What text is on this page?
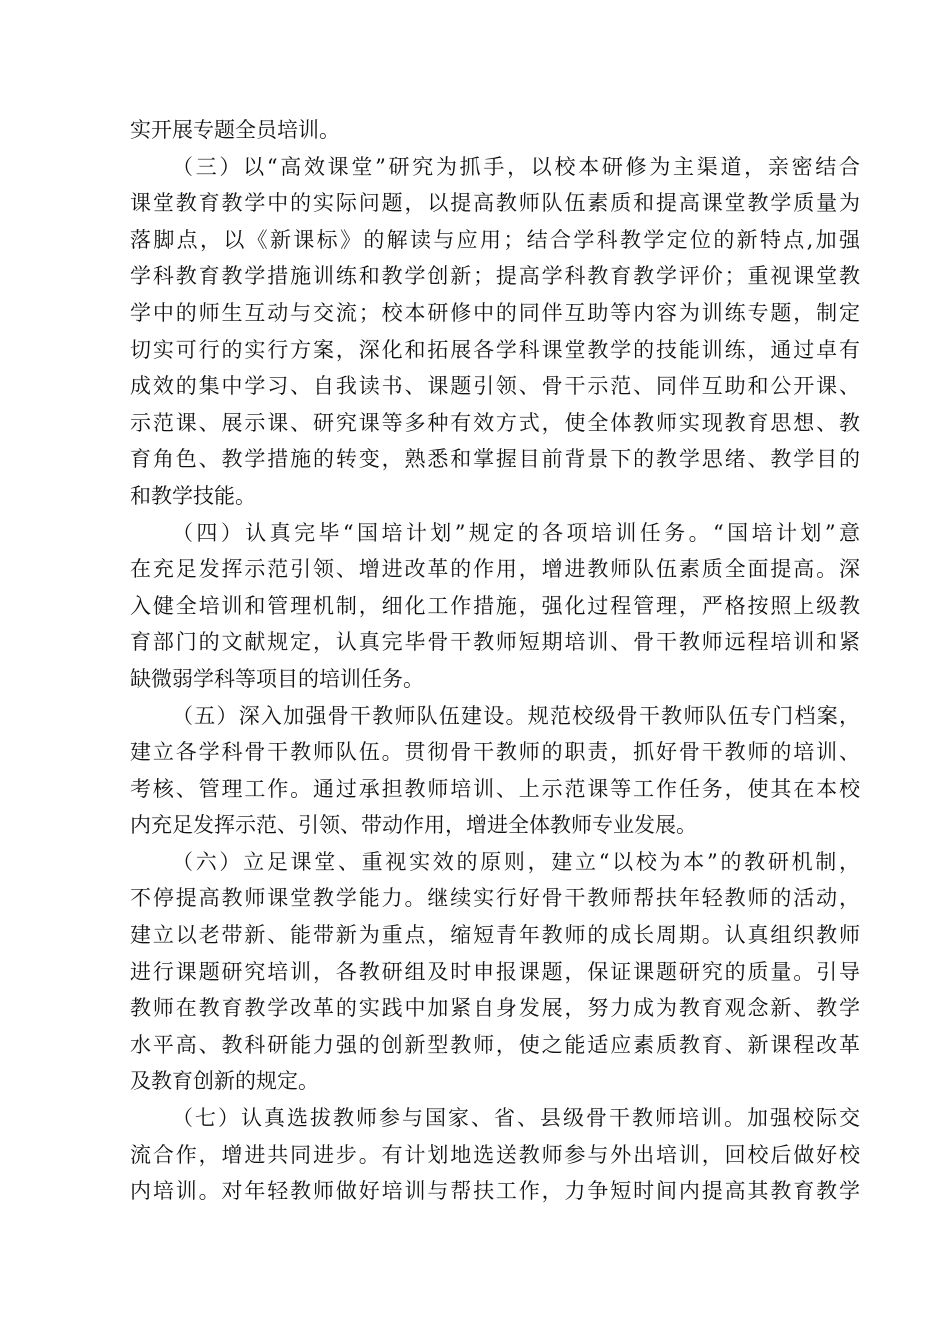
实开展专题全员培训。
（三）以“高效课堂”研究为抓手，以校本研修为主渠道，亲密结合
课堂教育教学中的实际问题，以提高教师队伍素质和提高课堂教学质量为
落脚点，以《新课标》的解读与应用；结合学科教学定位的新特点,加强
学科教育教学措施训练和教学创新；提高学科教育教学评价；重视课堂教
学中的师生互动与交流；校本研修中的同伴互助等内容为训练专题，制定
切实可行的实行方案，深化和拓展各学科课堂教学的技能训练，通过卓有
成效的集中学习、自我读书、课题引领、骨干示范、同伴互助和公开课、
示范课、展示课、研究课等多种有效方式，使全体教师实现教育思想、教
育角色、教学措施的转变，熟悉和掌握目前背景下的教学思绪、教学目的
和教学技能。
（四）认真完毕“国培计划”规定的各项培训任务。“国培计划”意
在充足发挥示范引领、增进改革的作用，增进教师队伍素质全面提高。深
入健全培训和管理机制，细化工作措施，强化过程管理，严格按照上级教
育部门的文献规定，认真完毕骨干教师短期培训、骨干教师远程培训和紧
缺微弱学科等项目的培训任务。
（五）深入加强骨干教师队伍建设。规范校级骨干教师队伍专门档案，
建立各学科骨干教师队伍。贯彻骨干教师的职责，抓好骨干教师的培训、
考核、管理工作。通过承担教师培训、上示范课等工作任务，使其在本校
内充足发挥示范、引领、带动作用，增进全体教师专业发展。
（六）立足课堂、重视实效的原则，建立“以校为本”的教研机制，
不停提高教师课堂教学能力。继续实行好骨干教师帮扶年轻教师的活动，
建立以老带新、能带新为重点，缩短青年教师的成长周期。认真组织教师
进行课题研究培训，各教研组及时申报课题，保证课题研究的质量。引导
教师在教育教学改革的实践中加紧自身发展，努力成为教育观念新、教学
水平高、教科研能力强的创新型教师，使之能适应素质教育、新课程改革
及教育创新的规定。
（七）认真选拔教师参与国家、省、县级骨干教师培训。加强校际交
流合作，增进共同进步。有计划地选送教师参与外出培训，回校后做好校
内培训。对年轻教师做好培训与帮扶工作，力争短时间内提高其教育教学
